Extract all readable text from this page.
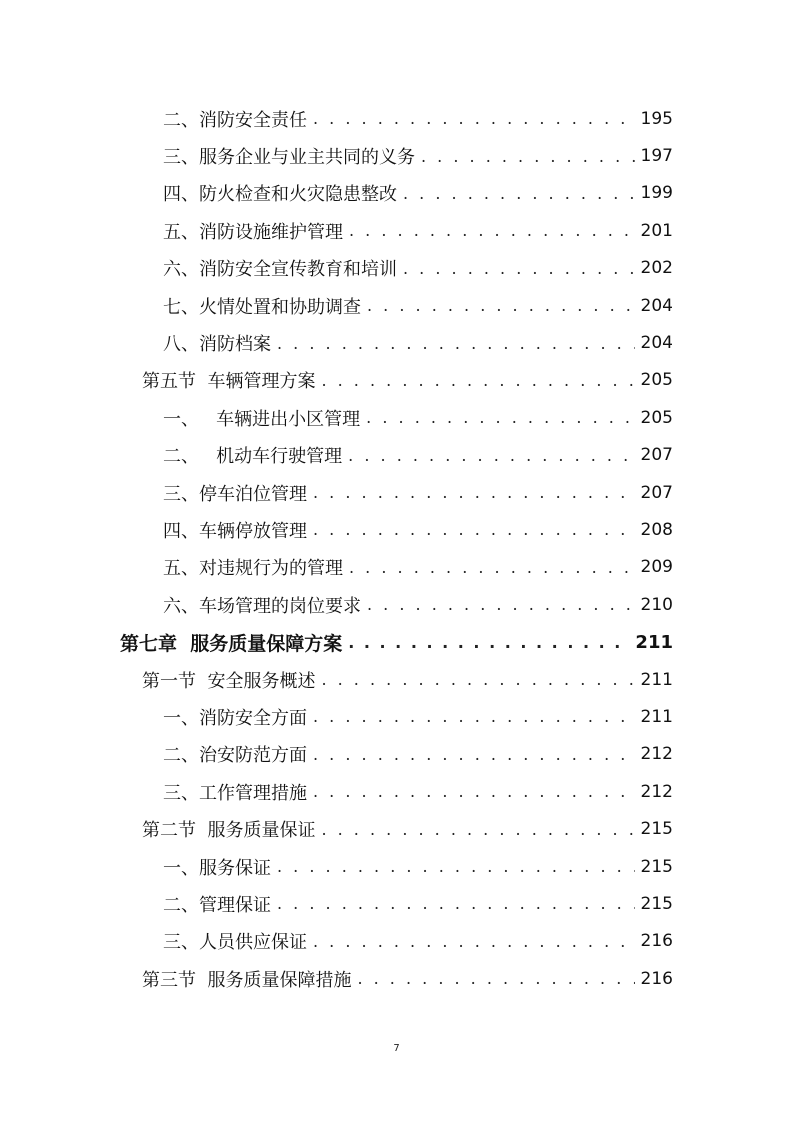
二、消防安全责任 . . .	195
三、服务企业与业主共同的义务 . . .	197
四、防火检查和火灾隐患整改 . . .	199
五、消防设施维护管理 . . .	201
六、消防安全宣传教育和培训 . . .	202
七、火情处置和协助调查 . . .	204
八、消防档案 . . .	204
第五节  车辆管理方案 . . .	205
一、   车辆进出小区管理 . . .	205
二、   机动车行驶管理 . . .	207
三、停车泊位管理 . . .	207
四、车辆停放管理 . . .	208
五、对违规行为的管理 . . .	209
六、车场管理的岗位要求 . . .	210
第七章  服务质量保障方案 . . .	211
第一节  安全服务概述 . . .	211
一、消防安全方面 . . .	211
二、治安防范方面 . . .	212
三、工作管理措施 . . .	212
第二节  服务质量保证 . . .	215
一、服务保证 . . .	215
二、管理保证 . . .	215
三、人员供应保证 . . .	216
第三节  服务质量保障措施 . . .	216
7
